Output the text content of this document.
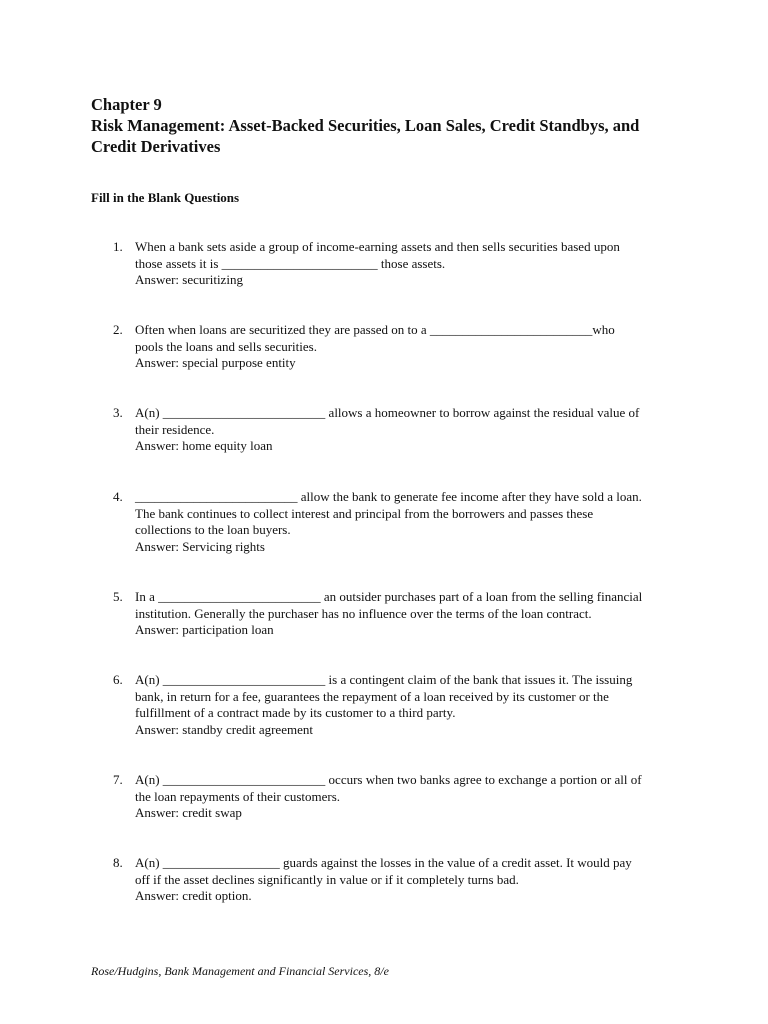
Chapter 9
Risk Management: Asset-Backed Securities, Loan Sales, Credit Standbys, and
Credit Derivatives
Fill in the Blank Questions
1. When a bank sets aside a group of income-earning assets and then sells securities based upon
those assets it is ________________________ those assets.
Answer: securitizing
2. Often when loans are securitized they are passed on to a _________________________who
pools the loans and sells securities.
Answer: special purpose entity
3. A(n) _________________________ allows a homeowner to borrow against the residual value of
their residence.
Answer: home equity loan
4. _________________________ allow the bank to generate fee income after they have sold a loan.
The bank continues to collect interest and principal from the borrowers and passes these
collections to the loan buyers.
Answer: Servicing rights
5. In a _________________________ an outsider purchases part of a loan from the selling financial
institution. Generally the purchaser has no influence over the terms of the loan contract.
Answer: participation loan
6. A(n) _________________________ is a contingent claim of the bank that issues it. The issuing
bank, in return for a fee, guarantees the repayment of a loan received by its customer or the
fulfillment of a contract made by its customer to a third party.
Answer: standby credit agreement
7. A(n) _________________________ occurs when two banks agree to exchange a portion or all of
the loan repayments of their customers.
Answer: credit swap
8. A(n) __________________ guards against the losses in the value of a credit asset. It would pay
off if the asset declines significantly in value or if it completely turns bad.
Answer: credit option.
Rose/Hudgins, Bank Management and Financial Services, 8/e
